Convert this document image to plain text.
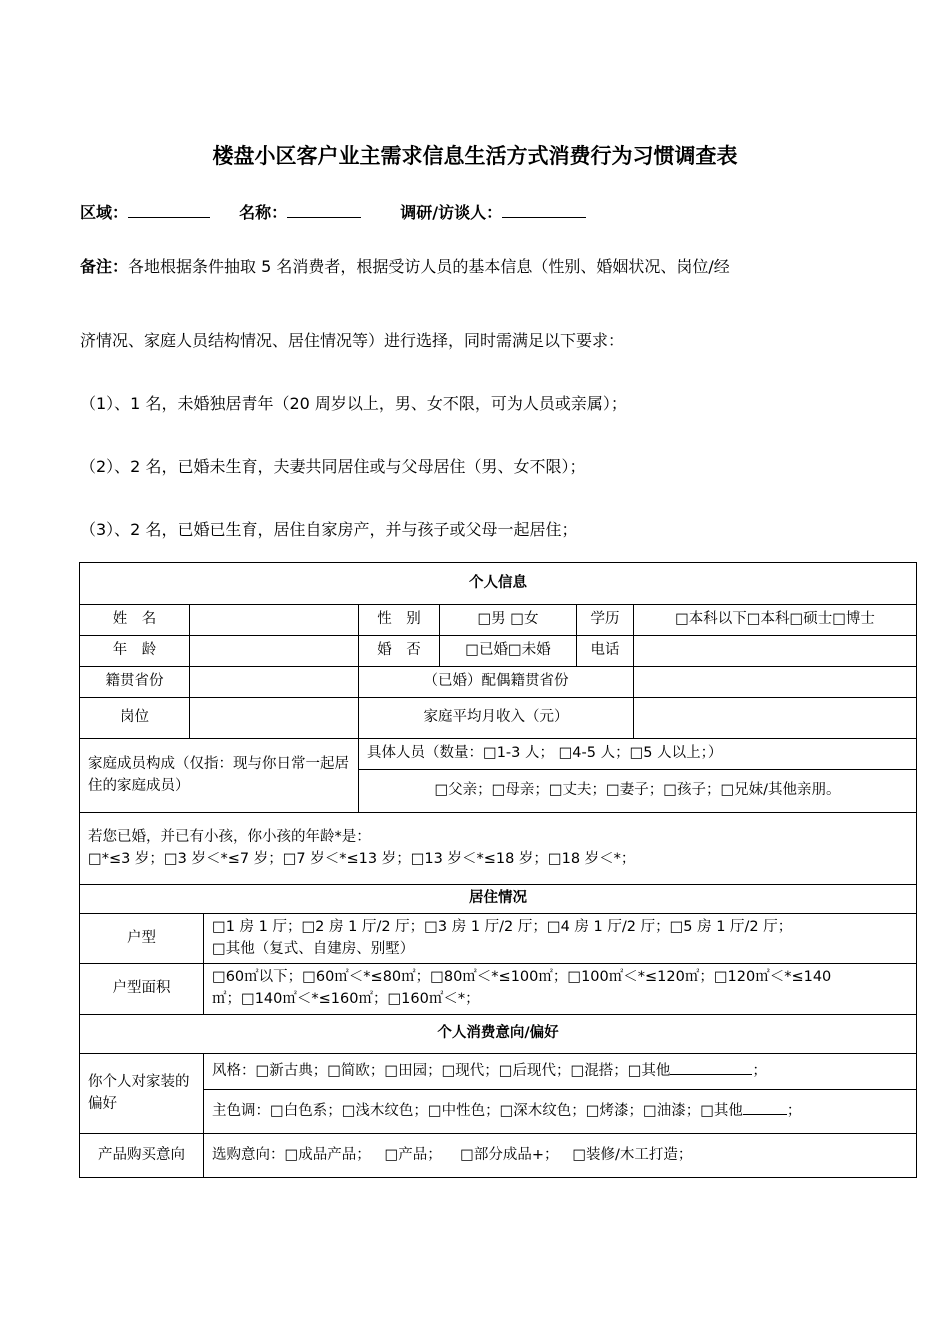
楼盘小区客户业主需求信息生活方式消费行为习惯调查表
区域：	名称：	调研/访谈人：
备注：各地根据条件抽取 5 名消费者，根据受访人员的基本信息（性别、婚姻状况、岗位/经
济情况、家庭人员结构情况、居住情况等）进行选择，同时需满足以下要求：
（1）、1 名，未婚独居青年（20 周岁以上，男、女不限，可为人员或亲属）；
（2）、2 名，已婚未生育，夫妻共同居住或与父母居住（男、女不限）；
（3）、2 名，已婚已生育，居住自家房产，并与孩子或父母一起居住；
个人信息						
姓　名			性　别	□男 □女	学历	□本科以下□本科□硕士□博士
年　龄			婚　否	□已婚□未婚	电话	
籍贯省份			（已婚）配偶籍贯省份			
岗位			家庭平均月收入（元）			
家庭成员构成（仅指：现与你日常一起居住的家庭成员）			具体人员（数量：□1-3 人； □4-5 人；□5 人以上；）			
			□父亲；□母亲；□丈夫；□妻子；□孩子；□兄妹/其他亲朋。			

若您已婚，并已有小孩，你小孩的年龄*是：
□*≤3 岁；□3 岁＜*≤7 岁；□7 岁＜*≤13 岁；□13 岁＜*≤18 岁；□18 岁＜*；						

居住情况						
户型		□1 房 1 厅；□2 房 1 厅/2 厅；□3 房 1 厅/2 厅；□4 房 1 厅/2 厅；□5 房 1 厅/2 厅；
□其他（复式、自建房、别墅）				

户型面积		□60㎡以下；□60㎡＜*≤80㎡；□80㎡＜*≤100㎡；□100㎡＜*≤120㎡；□120㎡＜*≤140
㎡；□140㎡＜*≤160㎡；□160㎡＜*；				

个人消费意向/偏好						
你个人对家装的偏好		风格：□新古典；□简欧；□田园；□现代；□后现代；□混搭；□其他 ；				
		主色调：□白色系；□浅木纹色；□中性色；□深木纹色；□烤漆；□油漆；□其他 ；				
产品购买意向		选购意向：□成品产品；   □产品；    □部分成品+；   □装修/木工打造；				
